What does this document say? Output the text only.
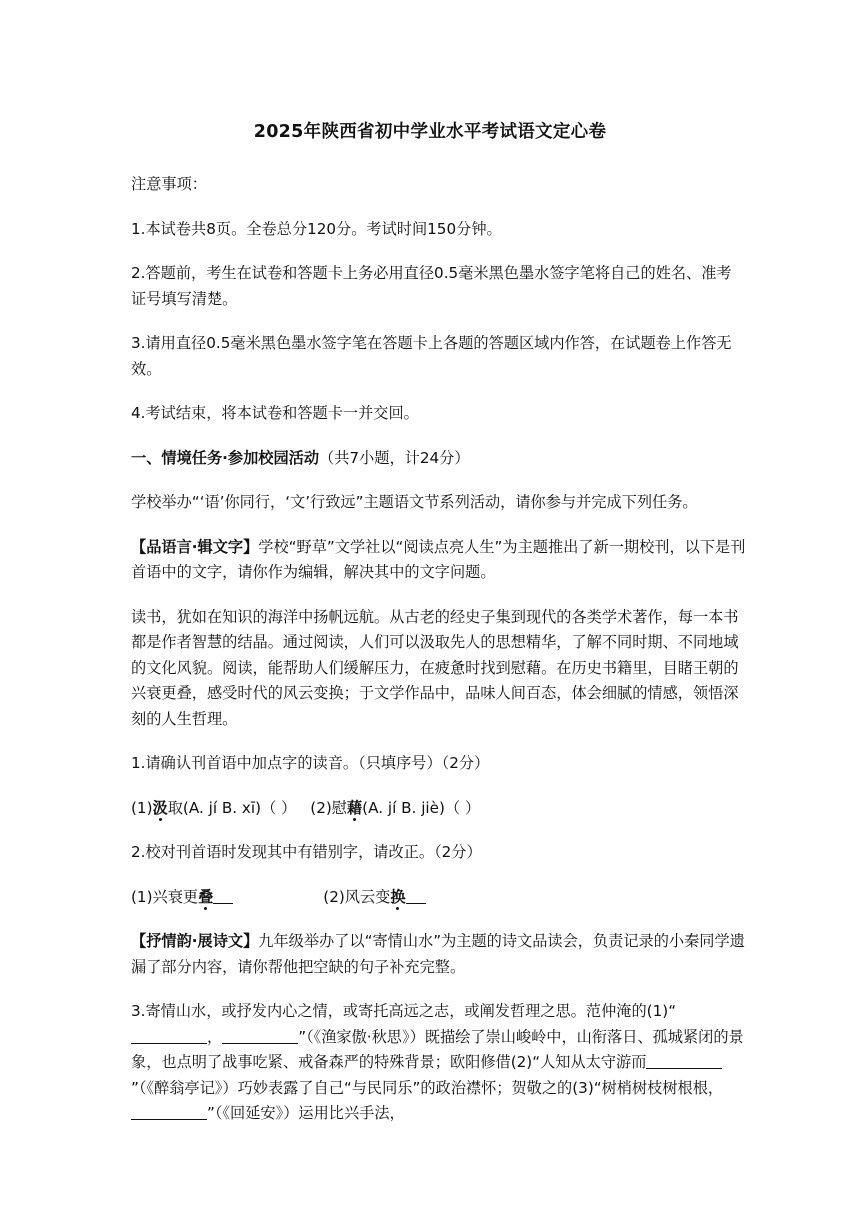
2025年陕西省初中学业水平考试语文定心卷

注意事项：

1.本试卷共8页。全卷总分120分。考试时间150分钟。

2.答题前，考生在试卷和答题卡上务必用直径0.5毫米黑色墨水签字笔将自己的姓名、准考证号填写清楚。

3.请用直径0.5毫米黑色墨水签字笔在答题卡上各题的答题区域内作答，在试题卷上作答无效。

4.考试结束，将本试卷和答题卡一并交回。

一、情境任务·参加校园活动（共7小题，计24分）

学校举办“‘语’你同行，‘文’行致远”主题语文节系列活动，请你参与并完成下列任务。

【品语言·辑文字】学校“野草”文学社以“阅读点亮人生”为主题推出了新一期校刊，以下是刊首语中的文字，请你作为编辑，解决其中的文字问题。

读书，犹如在知识的海洋中扬帆远航。从古老的经史子集到现代的各类学术著作，每一本书都是作者智慧的结晶。通过阅读，人们可以汲取先人的思想精华，了解不同时期、不同地域的文化风貌。阅读，能帮助人们缓解压力，在疲惫时找到慰藉。在历史书籍里，目睹王朝的兴衰更叠，感受时代的风云变换；于文学作品中，品味人间百态，体会细腻的情感，领悟深刻的人生哲理。

1.请确认刊首语中加点字的读音。（只填序号）（2分）

(1)汲取(A. jí B. xī)（ ） (2)慰藉(A. jí B. jiè)（ ）

2.校对刊首语时发现其中有错别字，请改正。（2分）

(1)兴衰更叠	(2)风云变换

【抒情韵·展诗文】九年级举办了以“寄情山水”为主题的诗文品读会，负责记录的小秦同学遗漏了部分内容，请你帮他把空缺的句子补充完整。

3.寄情山水，或抒发内心之情，或寄托高远之志，或阐发哲理之思。范仲淹的(1)“，	”（《渔家傲·秋思》）既描绘了崇山峻岭中，山衔落日、孤城紧闭的景象，也点明了战事吃紧、戒备森严的特殊背景；欧阳修借(2)“人知从太守游而”（《醉翁亭记》）巧妙表露了自己“与民同乐”的政治襟怀；贺敬之的(3)“树梢树枝树根根，”（《回延安》）运用比兴手法，
